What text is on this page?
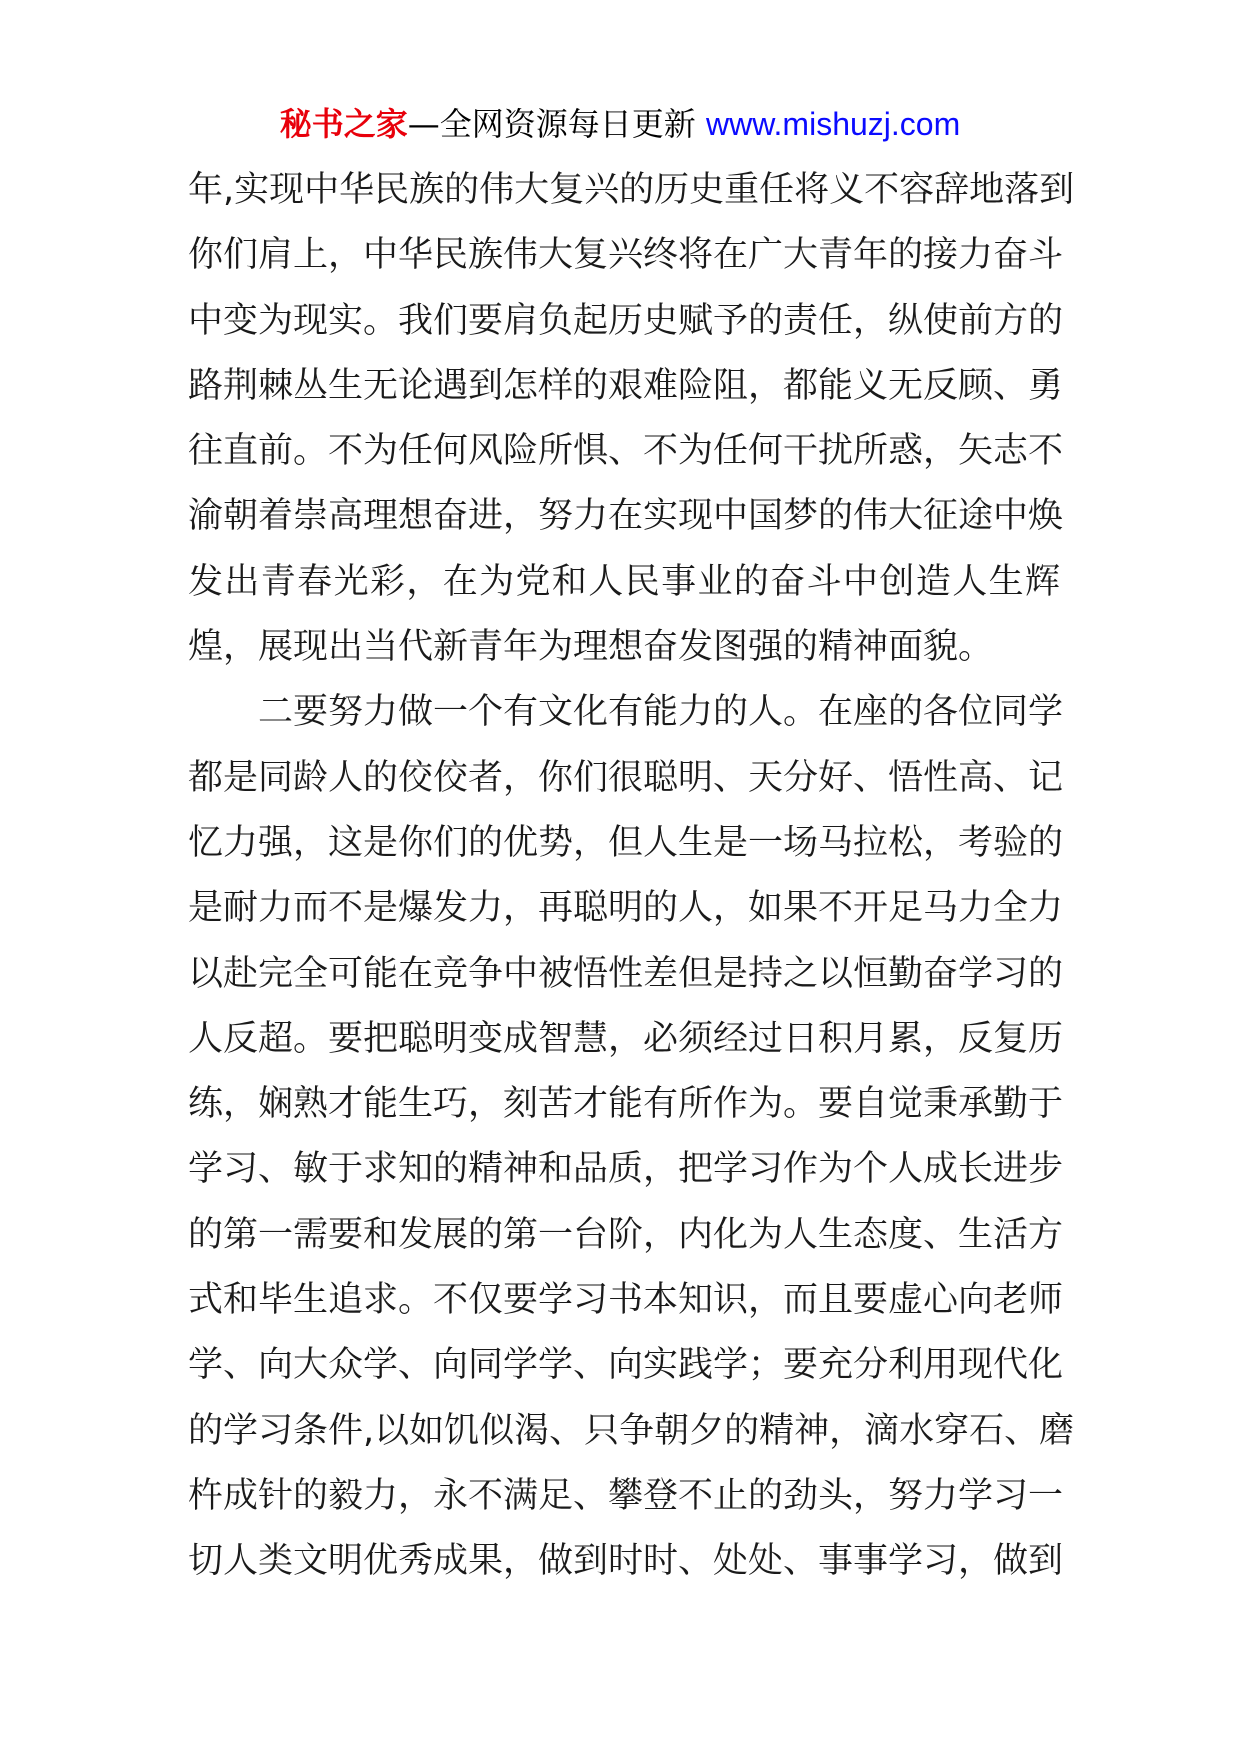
秘书之家—全网资源每日更新 www.mishuzj.com
年,实现中华民族的伟大复兴的历史重任将义不容辞地落到
你们肩上，中华民族伟大复兴终将在广大青年的接力奋斗
中变为现实。我们要肩负起历史赋予的责任，纵使前方的
路荆棘丛生无论遇到怎样的艰难险阻，都能义无反顾、勇
往直前。不为任何风险所惧、不为任何干扰所惑，矢志不
渝朝着崇高理想奋进，努力在实现中国梦的伟大征途中焕
发出青春光彩，在为党和人民事业的奋斗中创造人生辉
煌，展现出当代新青年为理想奋发图强的精神面貌。
二要努力做一个有文化有能力的人。在座的各位同学
都是同龄人的佼佼者，你们很聪明、天分好、悟性高、记
忆力强，这是你们的优势，但人生是一场马拉松，考验的
是耐力而不是爆发力，再聪明的人，如果不开足马力全力
以赴完全可能在竞争中被悟性差但是持之以恒勤奋学习的
人反超。要把聪明变成智慧，必须经过日积月累，反复历
练，娴熟才能生巧，刻苦才能有所作为。要自觉秉承勤于
学习、敏于求知的精神和品质，把学习作为个人成长进步
的第一需要和发展的第一台阶，内化为人生态度、生活方
式和毕生追求。不仅要学习书本知识，而且要虚心向老师
学、向大众学、向同学学、向实践学；要充分利用现代化
的学习条件,以如饥似渴、只争朝夕的精神，滴水穿石、磨
杵成针的毅力，永不满足、攀登不止的劲头，努力学习一
切人类文明优秀成果，做到时时、处处、事事学习，做到
